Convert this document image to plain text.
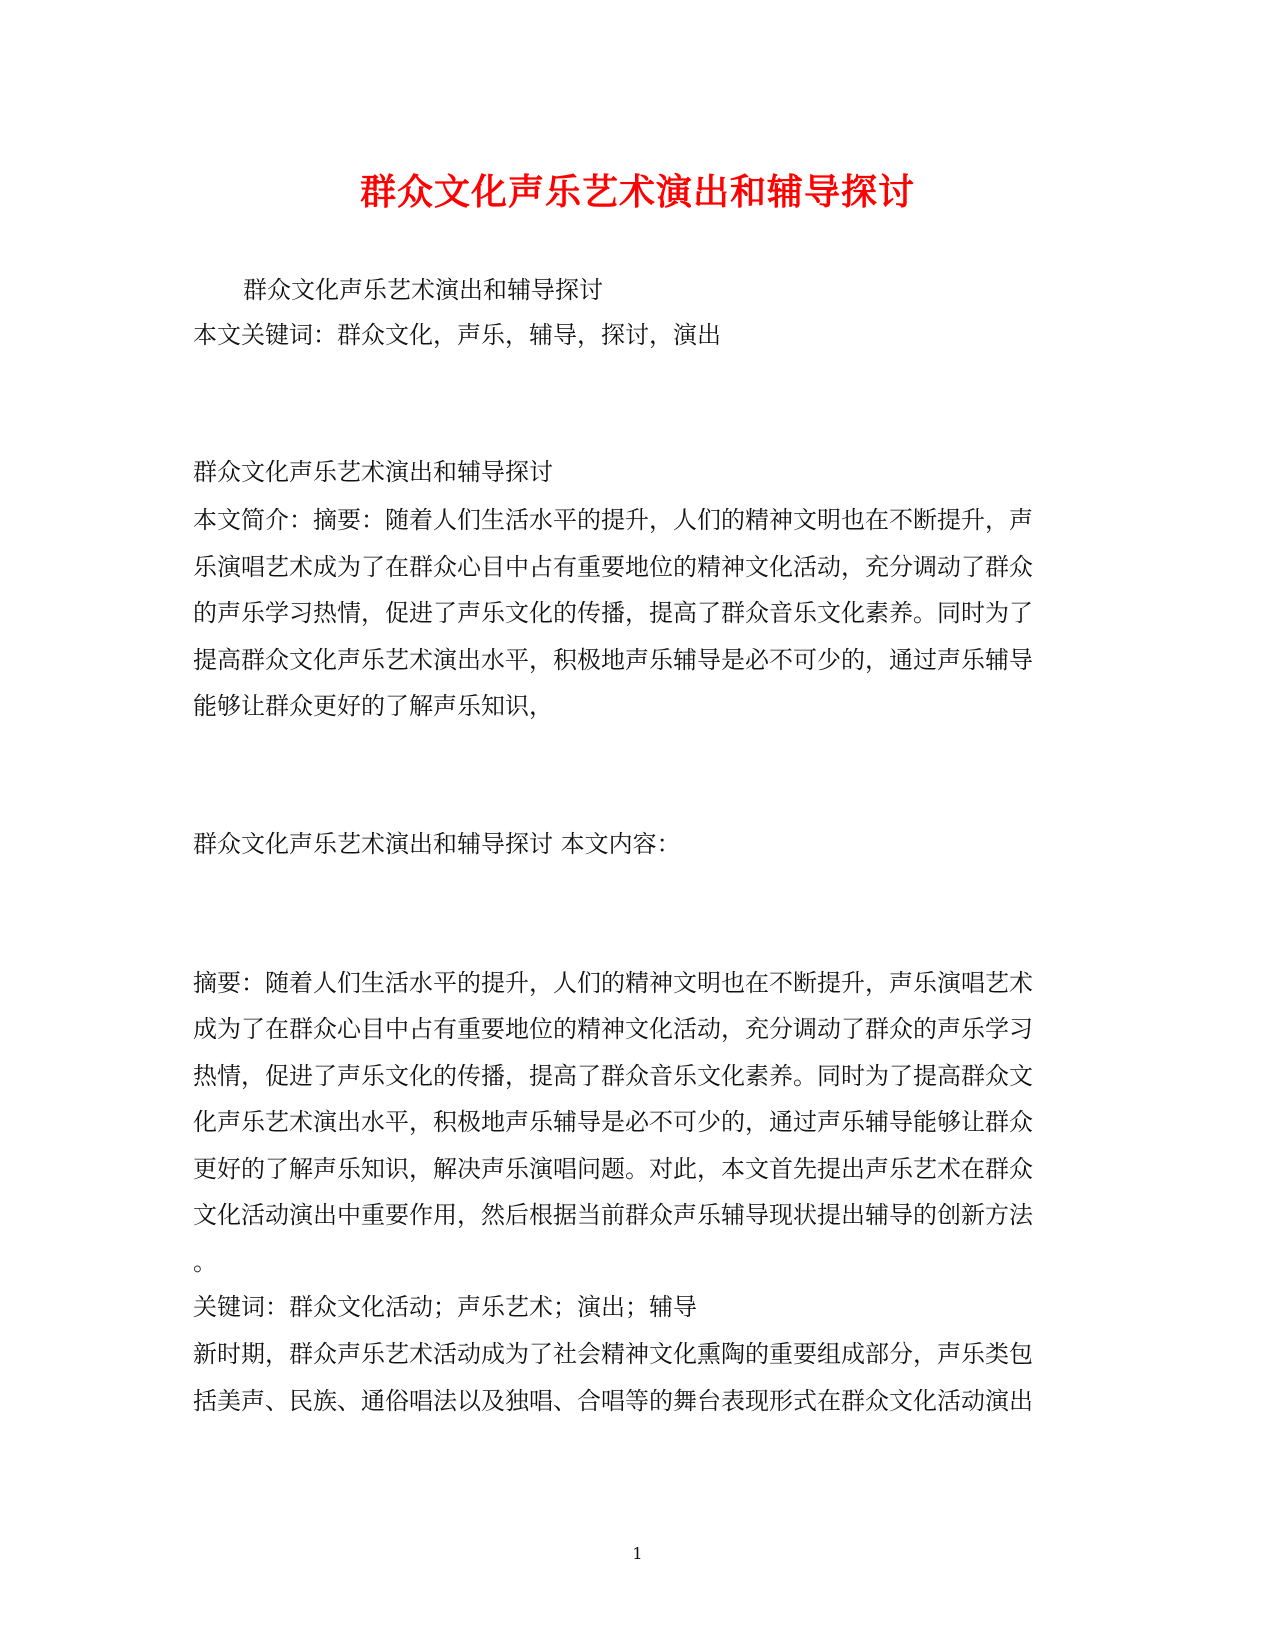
群众文化声乐艺术演出和辅导探讨
群众文化声乐艺术演出和辅导探讨
本文关键词：群众文化，声乐，辅导，探讨，演出
群众文化声乐艺术演出和辅导探讨
本文简介：摘要：随着人们生活水平的提升，人们的精神文明也在不断提升，声
乐演唱艺术成为了在群众心目中占有重要地位的精神文化活动，充分调动了群众
的声乐学习热情，促进了声乐文化的传播，提高了群众音乐文化素养。同时为了
提高群众文化声乐艺术演出水平，积极地声乐辅导是必不可少的，通过声乐辅导
能够让群众更好的了解声乐知识，
群众文化声乐艺术演出和辅导探讨 本文内容：
摘要：随着人们生活水平的提升，人们的精神文明也在不断提升，声乐演唱艺术
成为了在群众心目中占有重要地位的精神文化活动，充分调动了群众的声乐学习
热情，促进了声乐文化的传播，提高了群众音乐文化素养。同时为了提高群众文
化声乐艺术演出水平，积极地声乐辅导是必不可少的，通过声乐辅导能够让群众
更好的了解声乐知识，解决声乐演唱问题。对此，本文首先提出声乐艺术在群众
文化活动演出中重要作用，然后根据当前群众声乐辅导现状提出辅导的创新方法
。
关键词：群众文化活动；声乐艺术；演出；辅导
新时期，群众声乐艺术活动成为了社会精神文化熏陶的重要组成部分，声乐类包
括美声、民族、通俗唱法以及独唱、合唱等的舞台表现形式在群众文化活动演出
1
